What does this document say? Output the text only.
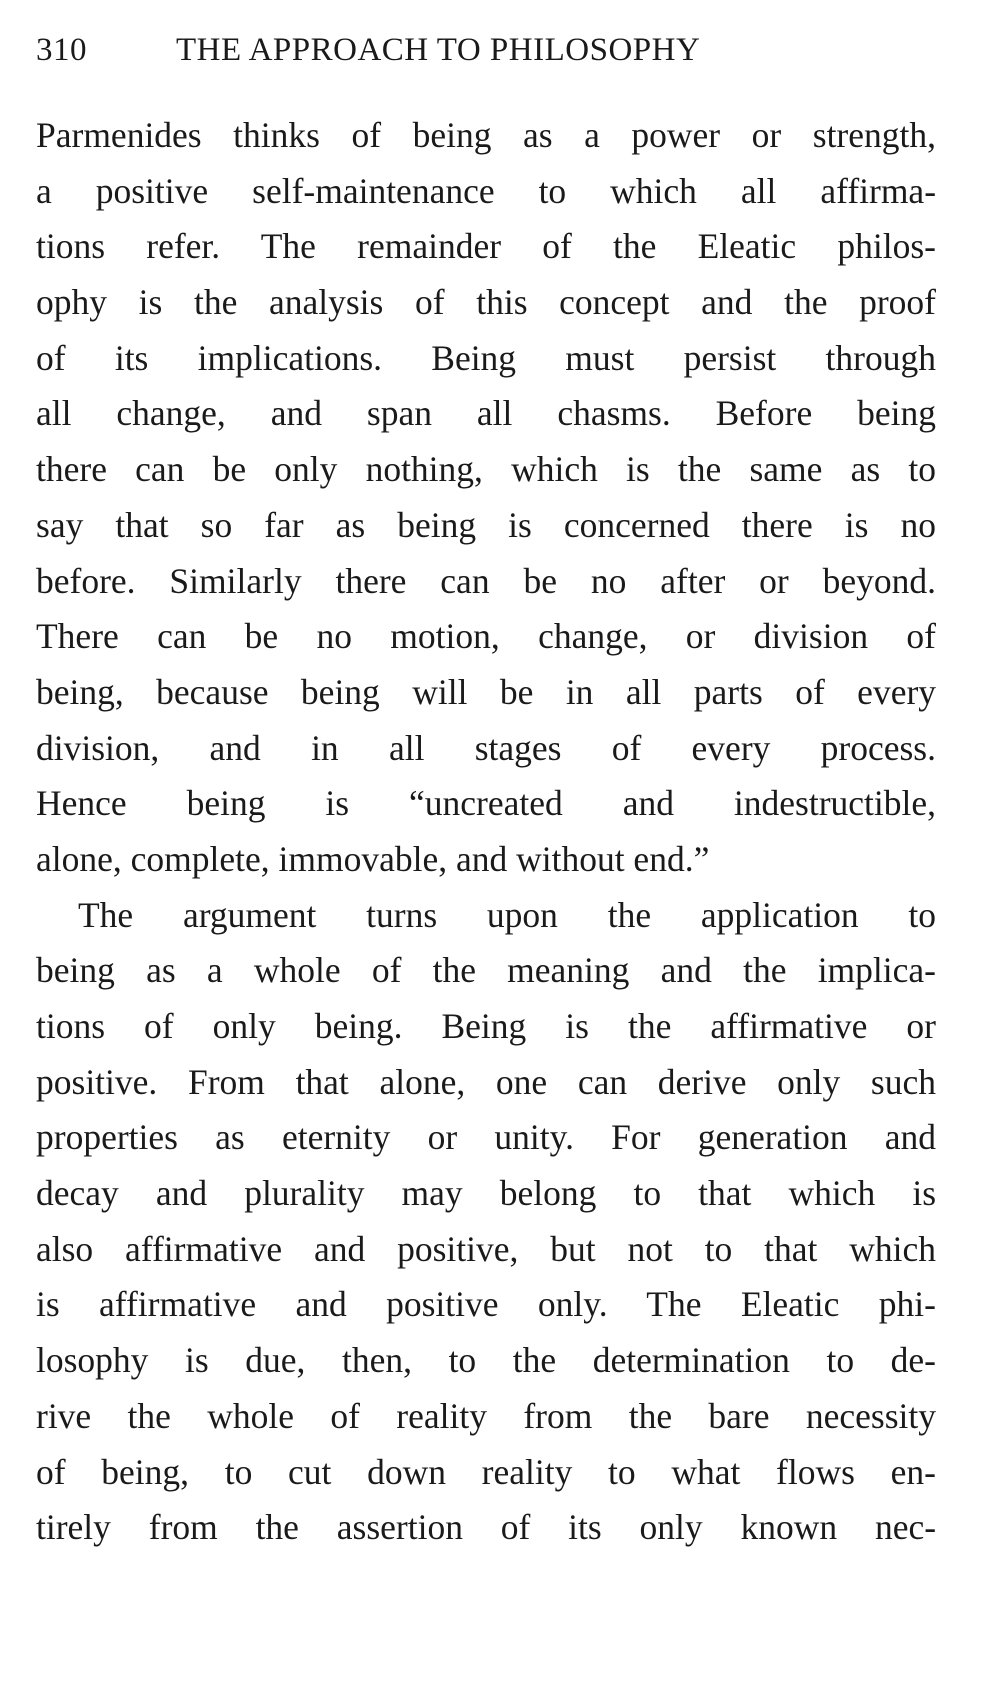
310	THE APPROACH TO PHILOSOPHY
Parmenides thinks of being as a power or strength,
a positive self-maintenance to which all affirma-
tions refer. The remainder of the Eleatic philos-
ophy is the analysis of this concept and the proof
of its implications. Being must persist through
all change, and span all chasms. Before being
there can be only nothing, which is the same as to
say that so far as being is concerned there is no
before. Similarly there can be no after or beyond.
There can be no motion, change, or division of
being, because being will be in all parts of every
division, and in all stages of every process.
Hence being is “uncreated and indestructible,
alone, complete, immovable, and without end.”
The argument turns upon the application to
being as a whole of the meaning and the implica-
tions of only being. Being is the affirmative or
positive. From that alone, one can derive only such
properties as eternity or unity. For generation and
decay and plurality may belong to that which is
also affirmative and positive, but not to that which
is affirmative and positive only. The Eleatic phi-
losophy is due, then, to the determination to de-
rive the whole of reality from the bare necessity
of being, to cut down reality to what flows en-
tirely from the assertion of its only known nec-
